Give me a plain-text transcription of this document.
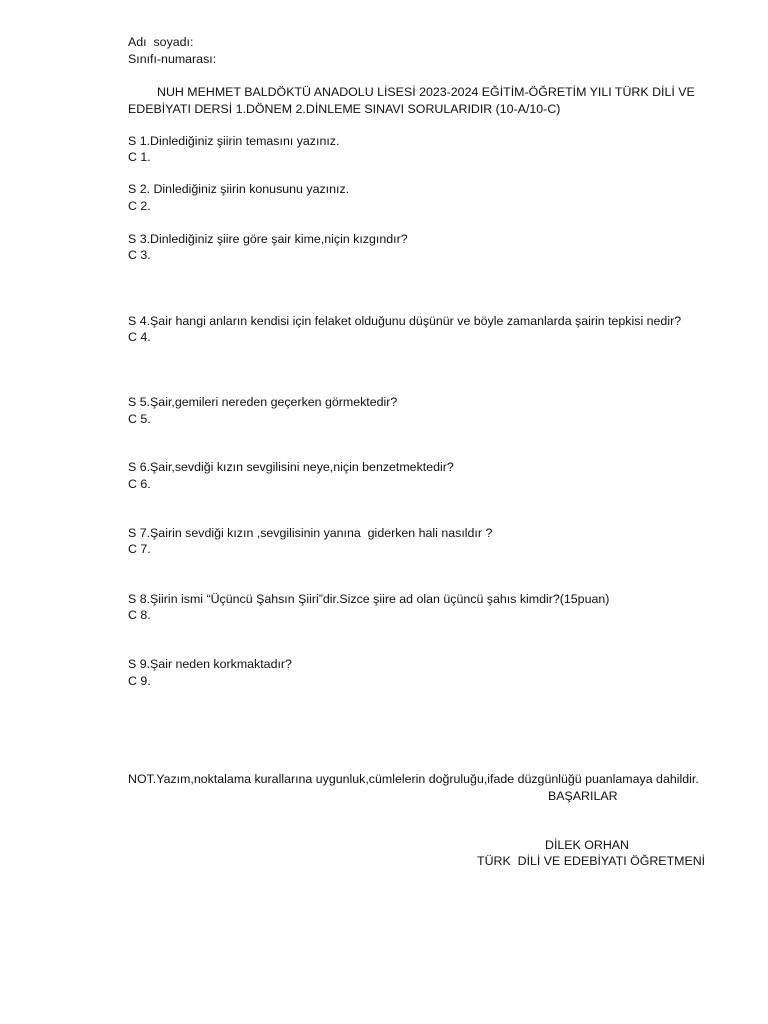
Adı  soyadı:
Sınıfı-numarası:
NUH MEHMET BALDÖKTÜ ANADOLU LİSESİ 2023-2024 EĞİTİM-ÖĞRETİM YILI TÜRK DİLİ VE EDEBİYATI DERSİ 1.DÖNEM 2.DİNLEME SINAVI SORULARIDIR (10-A/10-C)
S 1.Dinlediğiniz şiirin temasını yazınız.
C 1.
S 2. Dinlediğiniz şiirin konusunu yazınız.
C 2.
S 3.Dinlediğiniz şiire göre şair kime,niçin kızgındır?
C 3.
S 4.Şair hangi anların kendisi için felaket olduğunu düşünür ve böyle zamanlarda şairin tepkisi nedir?
C 4.
S 5.Şair,gemileri nereden geçerken görmektedir?
C 5.
S 6.Şair,sevdiği kızın sevgilisini neye,niçin benzetmektedir?
C 6.
S 7.Şairin sevdiği kızın ,sevgilisinin yanına  giderken hali nasıldır ?
C 7.
S 8.Şiirin ismi “Üçüncü Şahsın Şiiri”dir.Sizce şiire ad olan üçüncü şahıs kimdir?(15puan)
C 8.
S 9.Şair neden korkmaktadır?
C 9.
NOT.Yazım,noktalama kurallarına uygunluk,cümlelerin doğruluğu,ifade düzgünlüğü puanlamaya dahildir.
BAŞARILAR
DİLEK ORHAN
TÜRK  DİLİ VE EDEBİYATI ÖĞRETMENİ
